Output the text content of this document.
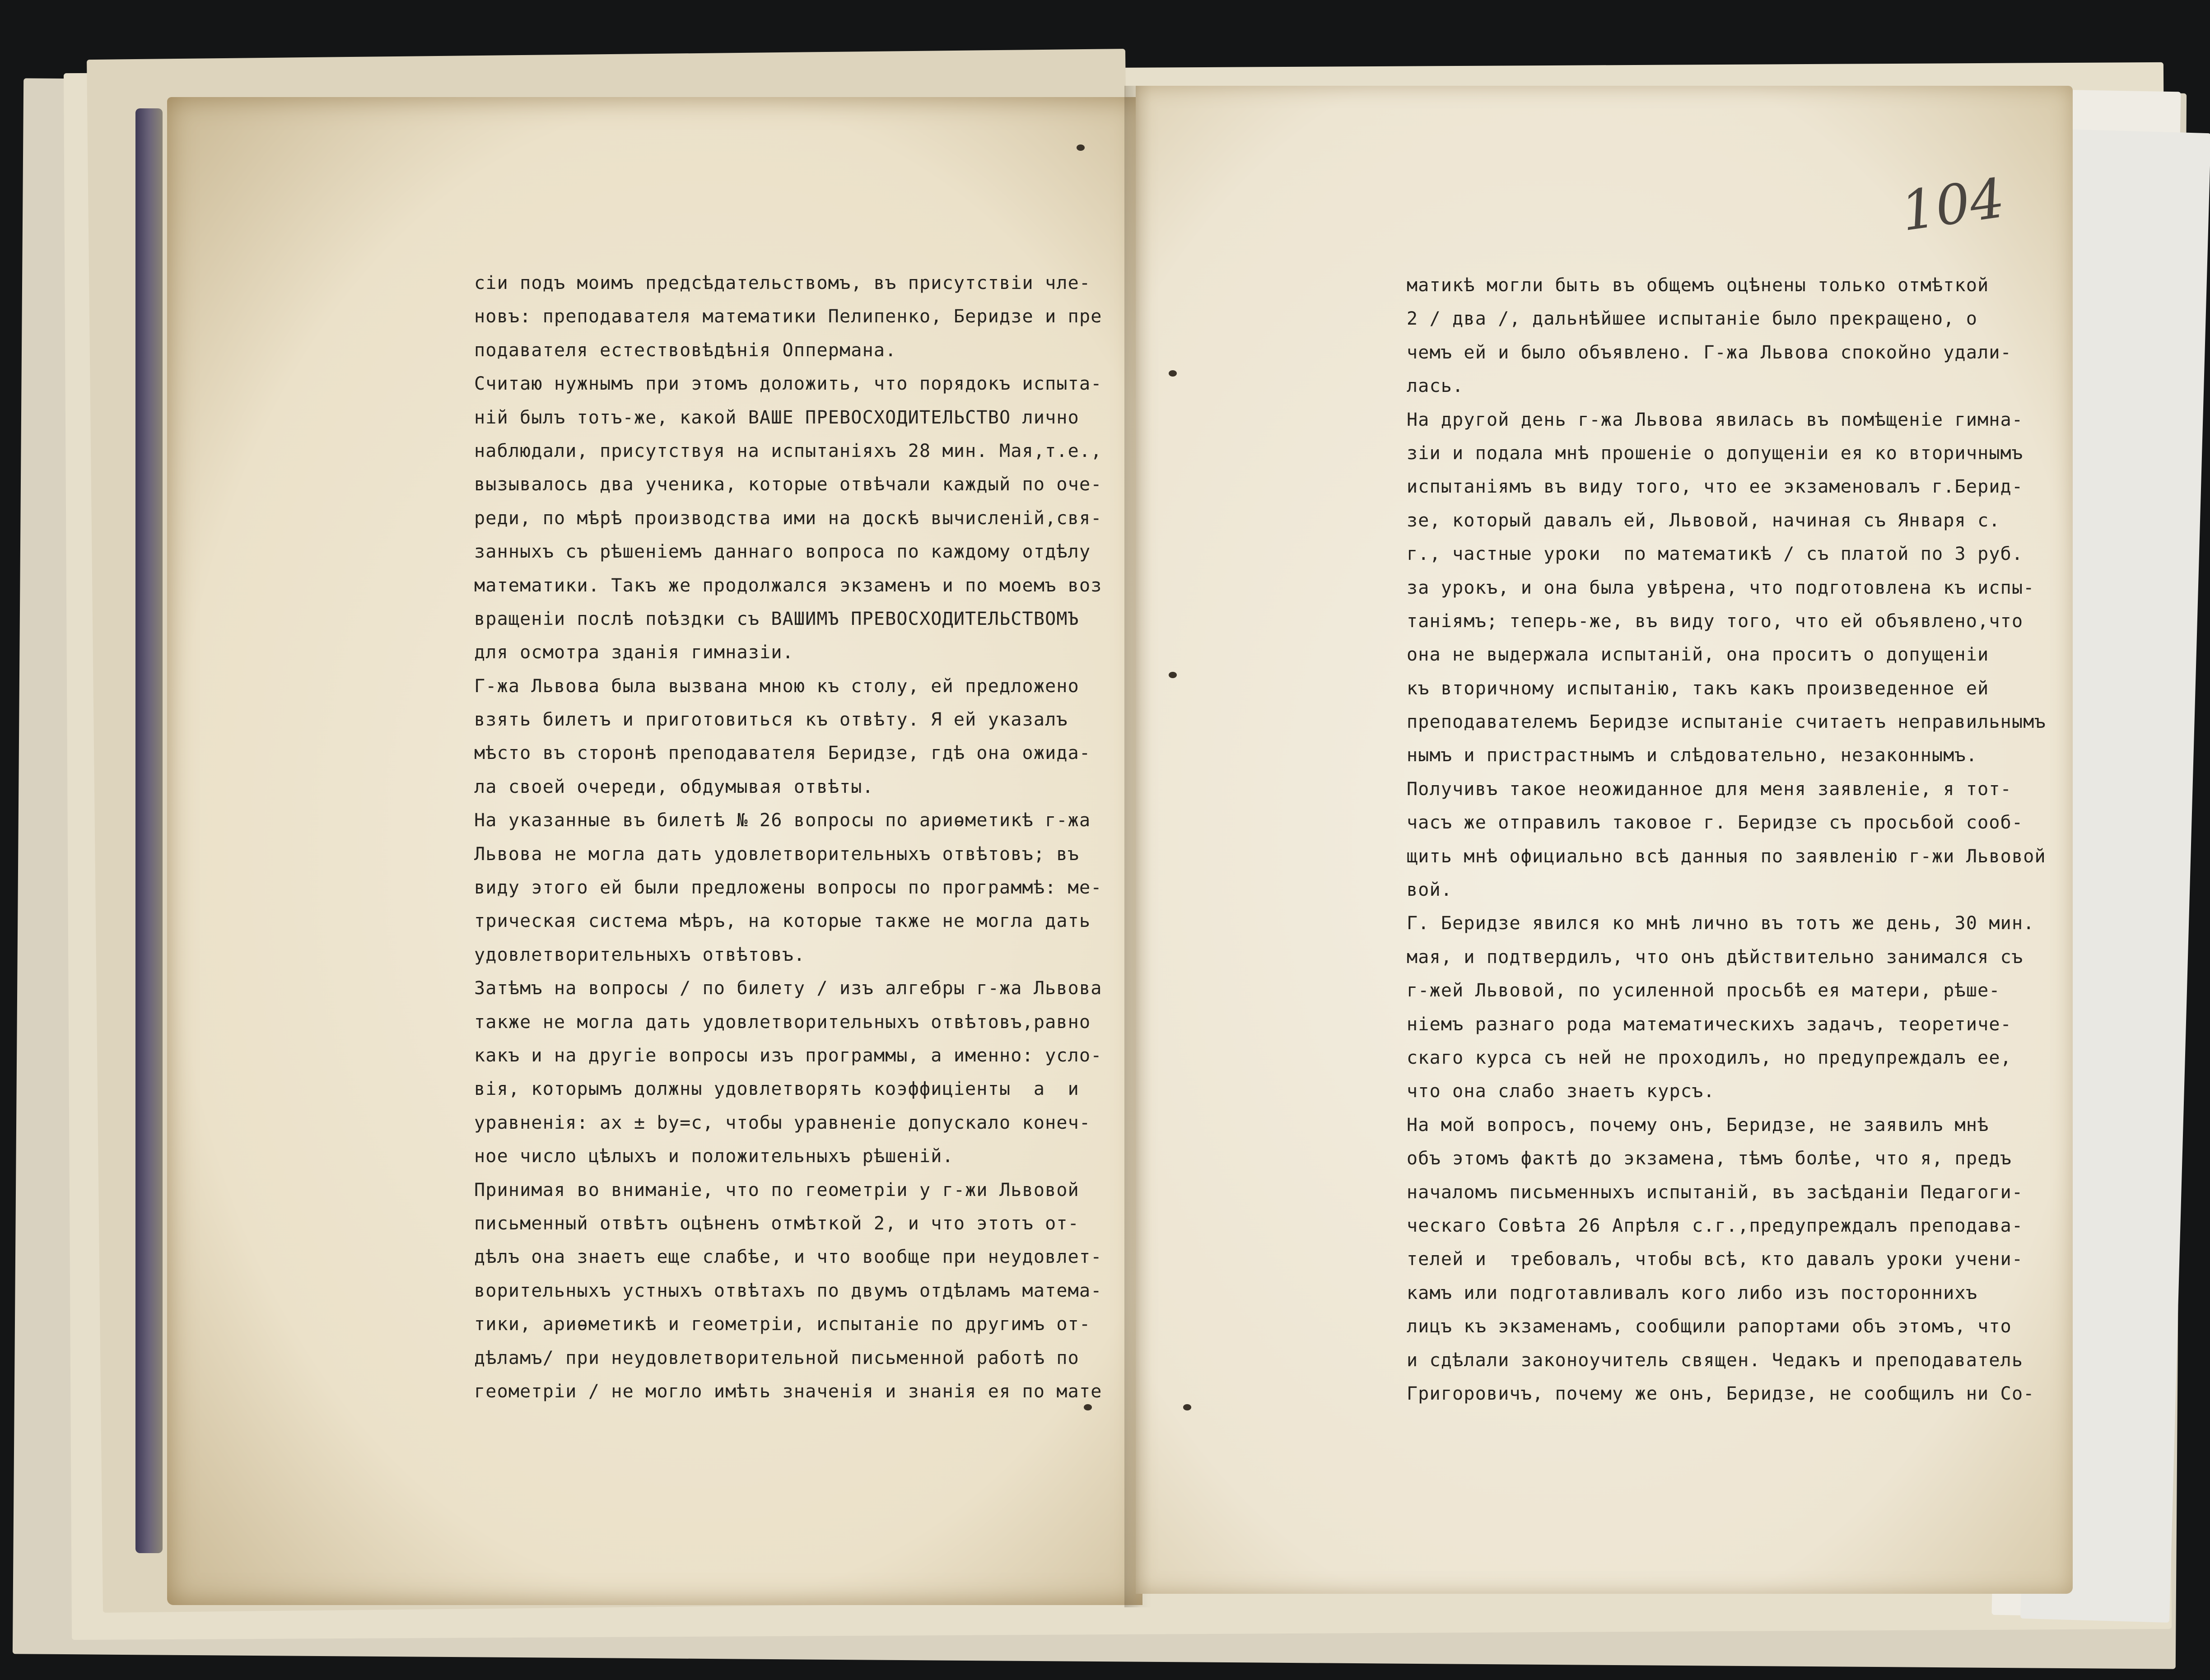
сіи подъ моимъ предсѣдательствомъ, въ присутствіи чле-
новъ: преподавателя математики Пелипенко, Беридзе и пре
подавателя естествовѣдѣнія Оппермана.
Считаю нужнымъ при этомъ доложить, что порядокъ испыта-
ній былъ тотъ-же, какой ВАШЕ ПРЕВОСХОДИТЕЛЬСТВО лично
наблюдали, присутствуя на испытаніяхъ 28 мин. Мая,т.е.,
вызывалось два ученика, которые отвѣчали каждый по оче-
реди, по мѣрѣ производства ими на доскѣ вычисленій,свя-
занныхъ съ рѣшеніемъ даннаго вопроса по каждому отдѣлу
математики. Такъ же продолжался экзаменъ и по моемъ воз
вращеніи послѣ поѣздки съ ВАШИМЪ ПРЕВОСХОДИТЕЛЬСТВОМЪ
для осмотра зданія гимназіи.
Г-жа Львова была вызвана мною къ столу, ей предложено
взять билетъ и приготовиться къ отвѣту. Я ей указалъ
мѣсто въ сторонѣ преподавателя Беридзе, гдѣ она ожида-
ла своей очереди, обдумывая отвѣты.
На указанные въ билетѣ № 26 вопросы по ариѳметикѣ г-жа
Львова не могла дать удовлетворительныхъ отвѣтовъ; въ
виду этого ей были предложены вопросы по программѣ: ме-
трическая система мѣръ, на которые также не могла дать
удовлетворительныхъ отвѣтовъ.
Затѣмъ на вопросы / по билету / изъ алгебры г-жа Львова
также не могла дать удовлетворительныхъ отвѣтовъ,равно
какъ и на другіе вопросы изъ программы, а именно: усло-
вія, которымъ должны удовлетворять коэффиціенты  a  и
уравненія: ax ± by=c, чтобы уравненіе допускало конеч-
ное число цѣлыхъ и положительныхъ рѣшеній.
Принимая во вниманіе, что по геометріи у г-жи Львовой
письменный отвѣтъ оцѣненъ отмѣткой 2, и что этотъ от-
дѣлъ она знаетъ еще слабѣе, и что вообще при неудовлет-
ворительныхъ устныхъ отвѣтахъ по двумъ отдѣламъ матема-
тики, ариѳметикѣ и геометріи, испытаніе по другимъ от-
дѣламъ/ при неудовлетворительной письменной работѣ по
геометріи / не могло имѣть значенія и знанія ея по мате
104
матикѣ могли быть въ общемъ оцѣнены только отмѣткой
2 / два /, дальнѣйшее испытаніе было прекращено, о
чемъ ей и было объявлено. Г-жа Львова спокойно удали-
лась.
На другой день г-жа Львова явилась въ помѣщеніе гимна-
зіи и подала мнѣ прошеніе о допущеніи ея ко вторичнымъ
испытаніямъ въ виду того, что ее экзаменовалъ г.Берид-
зе, который давалъ ей, Львовой, начиная съ Января с.
г., частные уроки  по математикѣ / съ платой по 3 руб.
за урокъ, и она была увѣрена, что подготовлена къ испы-
таніямъ; теперь-же, въ виду того, что ей объявлено,что
она не выдержала испытаній, она проситъ о допущеніи
къ вторичному испытанію, такъ какъ произведенное ей
преподавателемъ Беридзе испытаніе считаетъ неправильнымъ
нымъ и пристрастнымъ и слѣдовательно, незаконнымъ.
Получивъ такое неожиданное для меня заявленіе, я тот-
часъ же отправилъ таковое г. Беридзе съ просьбой сооб-
щить мнѣ официально всѣ данныя по заявленію г-жи Львовой
вой.
Г. Беридзе явился ко мнѣ лично въ тотъ же день, 30 мин.
мая, и подтвердилъ, что онъ дѣйствительно занимался съ
г-жей Львовой, по усиленной просьбѣ ея матери, рѣше-
ніемъ разнаго рода математическихъ задачъ, теоретиче-
скаго курса съ ней не проходилъ, но предупреждалъ ее,
что она слабо знаетъ курсъ.
На мой вопросъ, почему онъ, Беридзе, не заявилъ мнѣ
объ этомъ фактѣ до экзамена, тѣмъ болѣе, что я, предъ
началомъ письменныхъ испытаній, въ засѣданіи Педагоги-
ческаго Совѣта 26 Апрѣля с.г.,предупреждалъ преподава-
телей и  требовалъ, чтобы всѣ, кто давалъ уроки учени-
камъ или подготавливалъ кого либо изъ постороннихъ
лицъ къ экзаменамъ, сообщили рапортами объ этомъ, что
и сдѣлали законоучитель священ. Чедакъ и преподаватель
Григоровичъ, почему же онъ, Беридзе, не сообщилъ ни Со-
